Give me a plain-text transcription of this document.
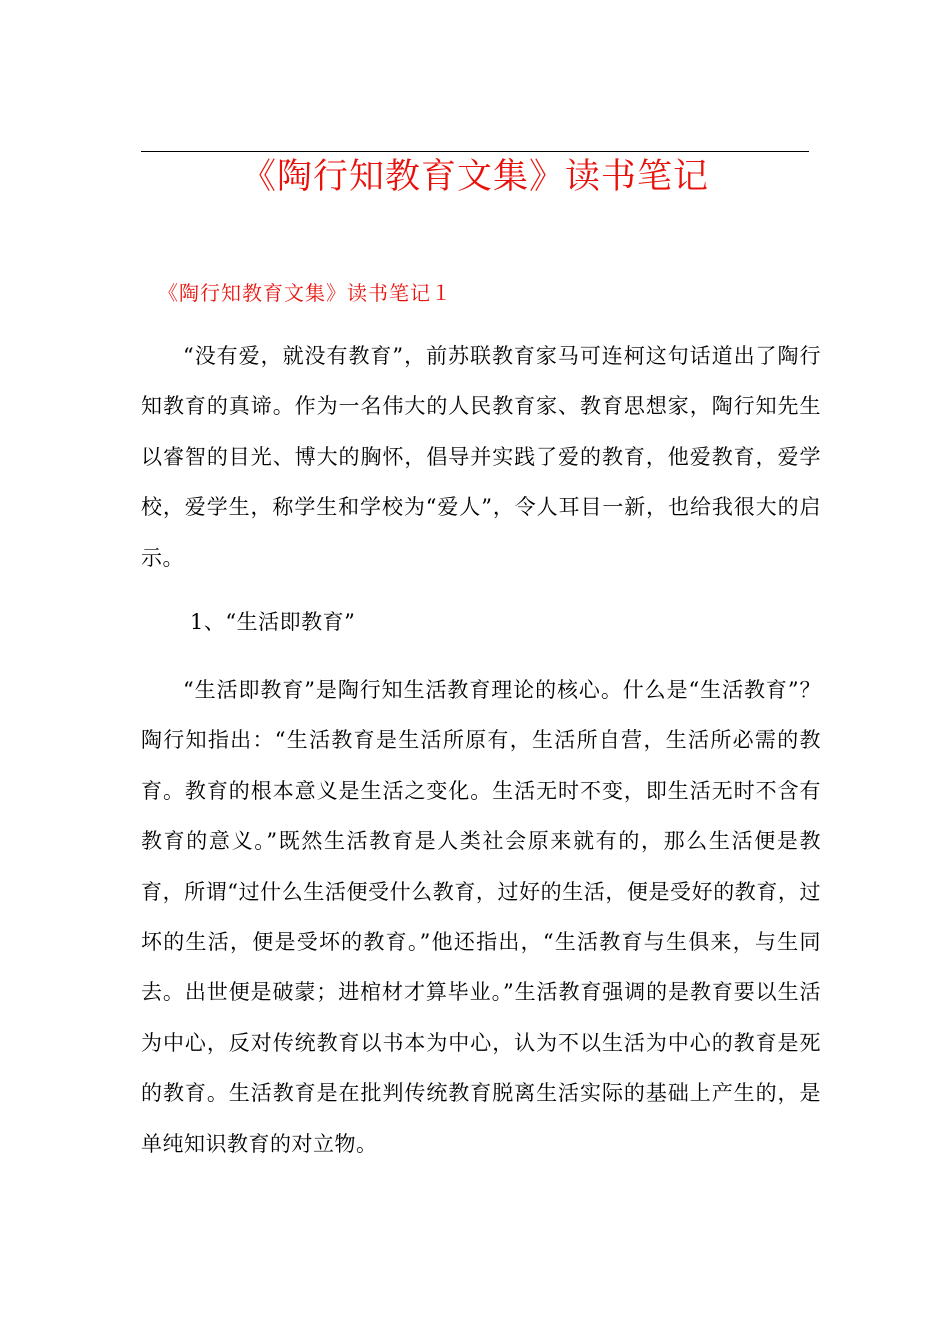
《陶行知教育文集》读书笔记
《陶行知教育文集》读书笔记１

“没有爱，就没有教育”，前苏联教育家马可连柯这句话道出了陶行知教育的真谛。作为一名伟大的人民教育家、教育思想家，陶行知先生以睿智的目光、博大的胸怀，倡导并实践了爱的教育，他爱教育，爱学校，爱学生，称学生和学校为“爱人”，令人耳目一新，也给我很大的启示。

1、“生活即教育”

“生活即教育”是陶行知生活教育理论的核心。什么是“生活教育”？陶行知指出：“生活教育是生活所原有，生活所自营，生活所必需的教育。教育的根本意义是生活之变化。生活无时不变，即生活无时不含有教育的意义。”既然生活教育是人类社会原来就有的，那么生活便是教育，所谓“过什么生活便受什么教育，过好的生活，便是受好的教育，过坏的生活，便是受坏的教育。”他还指出，“生活教育与生俱来，与生同去。出世便是破蒙；进棺材才算毕业。”生活教育强调的是教育要以生活为中心，反对传统教育以书本为中心，认为不以生活为中心的教育是死的教育。生活教育是在批判传统教育脱离生活实际的基础上产生的，是单纯知识教育的对立物。
